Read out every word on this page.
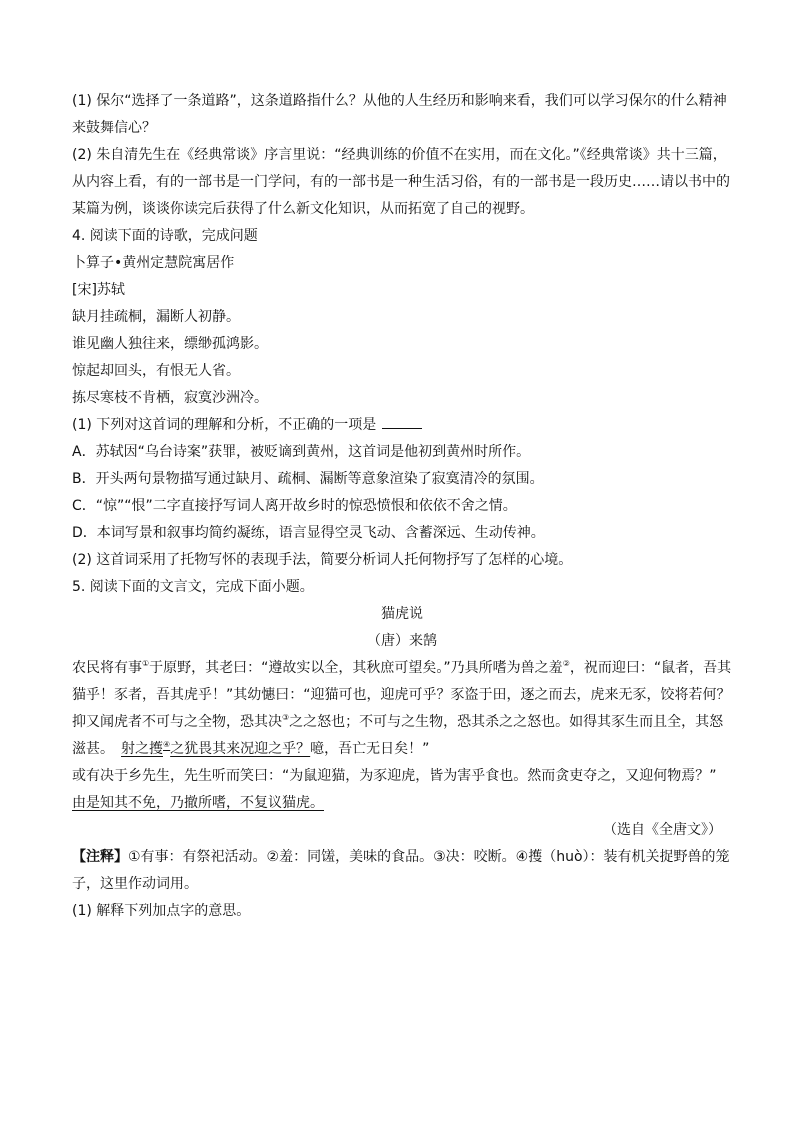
(1) 保尔“选择了一条道路”，这条道路指什么？从他的人生经历和影响来看，我们可以学习保尔的什么精神来鼓舞信心？
(2) 朱自清先生在《经典常谈》序言里说：“经典训练的价值不在实用，而在文化。”《经典常谈》共十三篇，从内容上看，有的一部书是一门学问，有的一部书是一种生活习俗，有的一部书是一段历史……请以书中的某篇为例，谈谈你读完后获得了什么新文化知识，从而拓宽了自己的视野。
4. 阅读下面的诗歌，完成问题
卜算子•黄州定慧院寓居作
[宋]苏轼
缺月挂疏桐，漏断人初静。
谁见幽人独往来，缥缈孤鸿影。
惊起却回头，有恨无人省。
拣尽寒枝不肯栖，寂寞沙洲冷。
(1) 下列对这首词的理解和分析，不正确的一项是
A．苏轼因“乌台诗案”获罪，被贬谪到黄州，这首词是他初到黄州时所作。
B．开头两句景物描写通过缺月、疏桐、漏断等意象渲染了寂寞清冷的氛围。
C．“惊”“恨”二字直接抒写词人离开故乡时的惊恐愤恨和依依不舍之情。
D．本词写景和叙事均简约凝练，语言显得空灵飞动、含蓄深远、生动传神。
(2) 这首词采用了托物写怀的表现手法，简要分析词人托何物抒写了怎样的心境。
5. 阅读下面的文言文，完成下面小题。
猫虎说
（唐）来鹄
农民将有事①于原野，其老曰：“遵故实以全，其秋庶可望矣。”乃具所嗜为兽之羞②，祝而迎曰：“鼠者，吾其猫乎！豕者，吾其虎乎！”其幼憓曰：“迎猫可也，迎虎可乎？豕盗于田，逐之而去，虎来无豕，饺将若何？抑又闻虎者不可与之全物，恐其决③之之怒也；不可与之生物，恐其杀之之怒也。如得其豕生而且全，其怒滋甚。  射之擭④之犹畏其来况迎之乎？噫，吾亡无日矣！”
或有决于乡先生，先生听而笑曰：“为鼠迎猫，为豕迎虎，皆为害乎食也。然而贪吏夺之，又迎何物焉？”
由是知其不免，乃撤所嗜，不复议猫虎。
（选自《全唐文》）
【注释】①有事：有祭祀活动。②羞：同馐，美味的食品。③决：咬断。④擭（huò）：装有机关捉野兽的笼子，这里作动词用。
(1) 解释下列加点字的意思。
